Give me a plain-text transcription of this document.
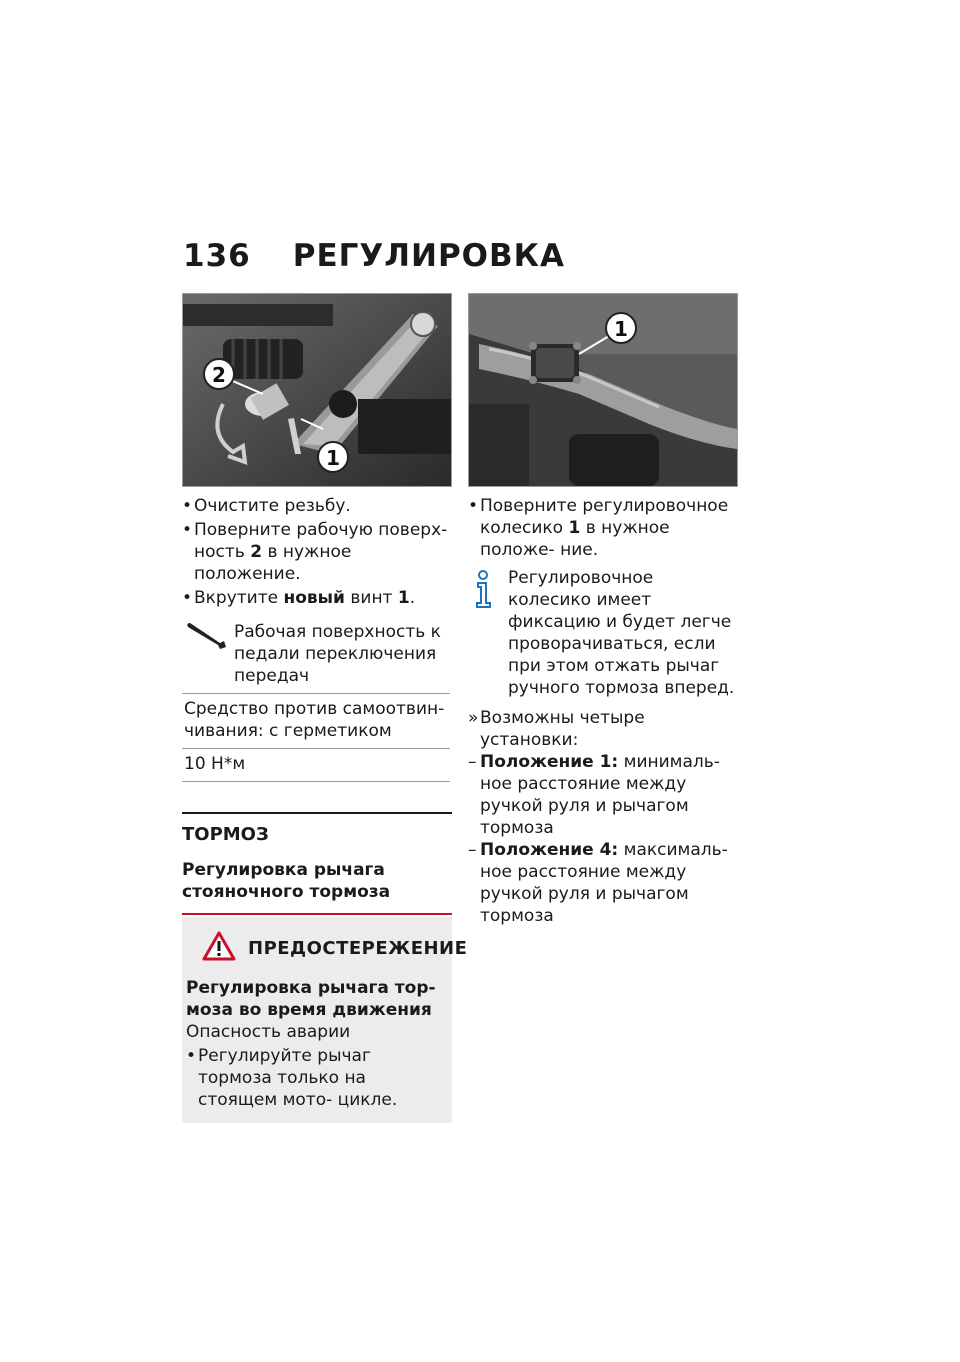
136 РЕГУЛИРОВКА
2
1
• Очистите резьбу.
• Поверните рабочую поверх-
ность 2 в нужное положение.
• Вкрутите новый винт 1.
Рабочая поверхность к педали переключения передач
Средство против самоотвин- чивания: с герметиком
10 Н*м
ТОРМОЗ
Регулировка рычага стояночного тормоза
ПРЕДОСТЕРЕЖЕНИЕ
Регулировка рычага тор- моза во время движения
Опасность аварии
• Регулируйте рычаг тормоза только на стоящем мото- цикле.
1
• Поверните регулировочное колесико 1 в нужное положе- ние.
Регулировочное колесико имеет фиксацию и будет легче проворачиваться, если при этом отжать рычаг ручного тормоза вперед.
» Возможны четыре установки:
– Положение 1: минималь- ное расстояние между ручкой руля и рычагом тормоза
– Положение 4: максималь- ное расстояние между ручкой руля и рычагом тормоза
